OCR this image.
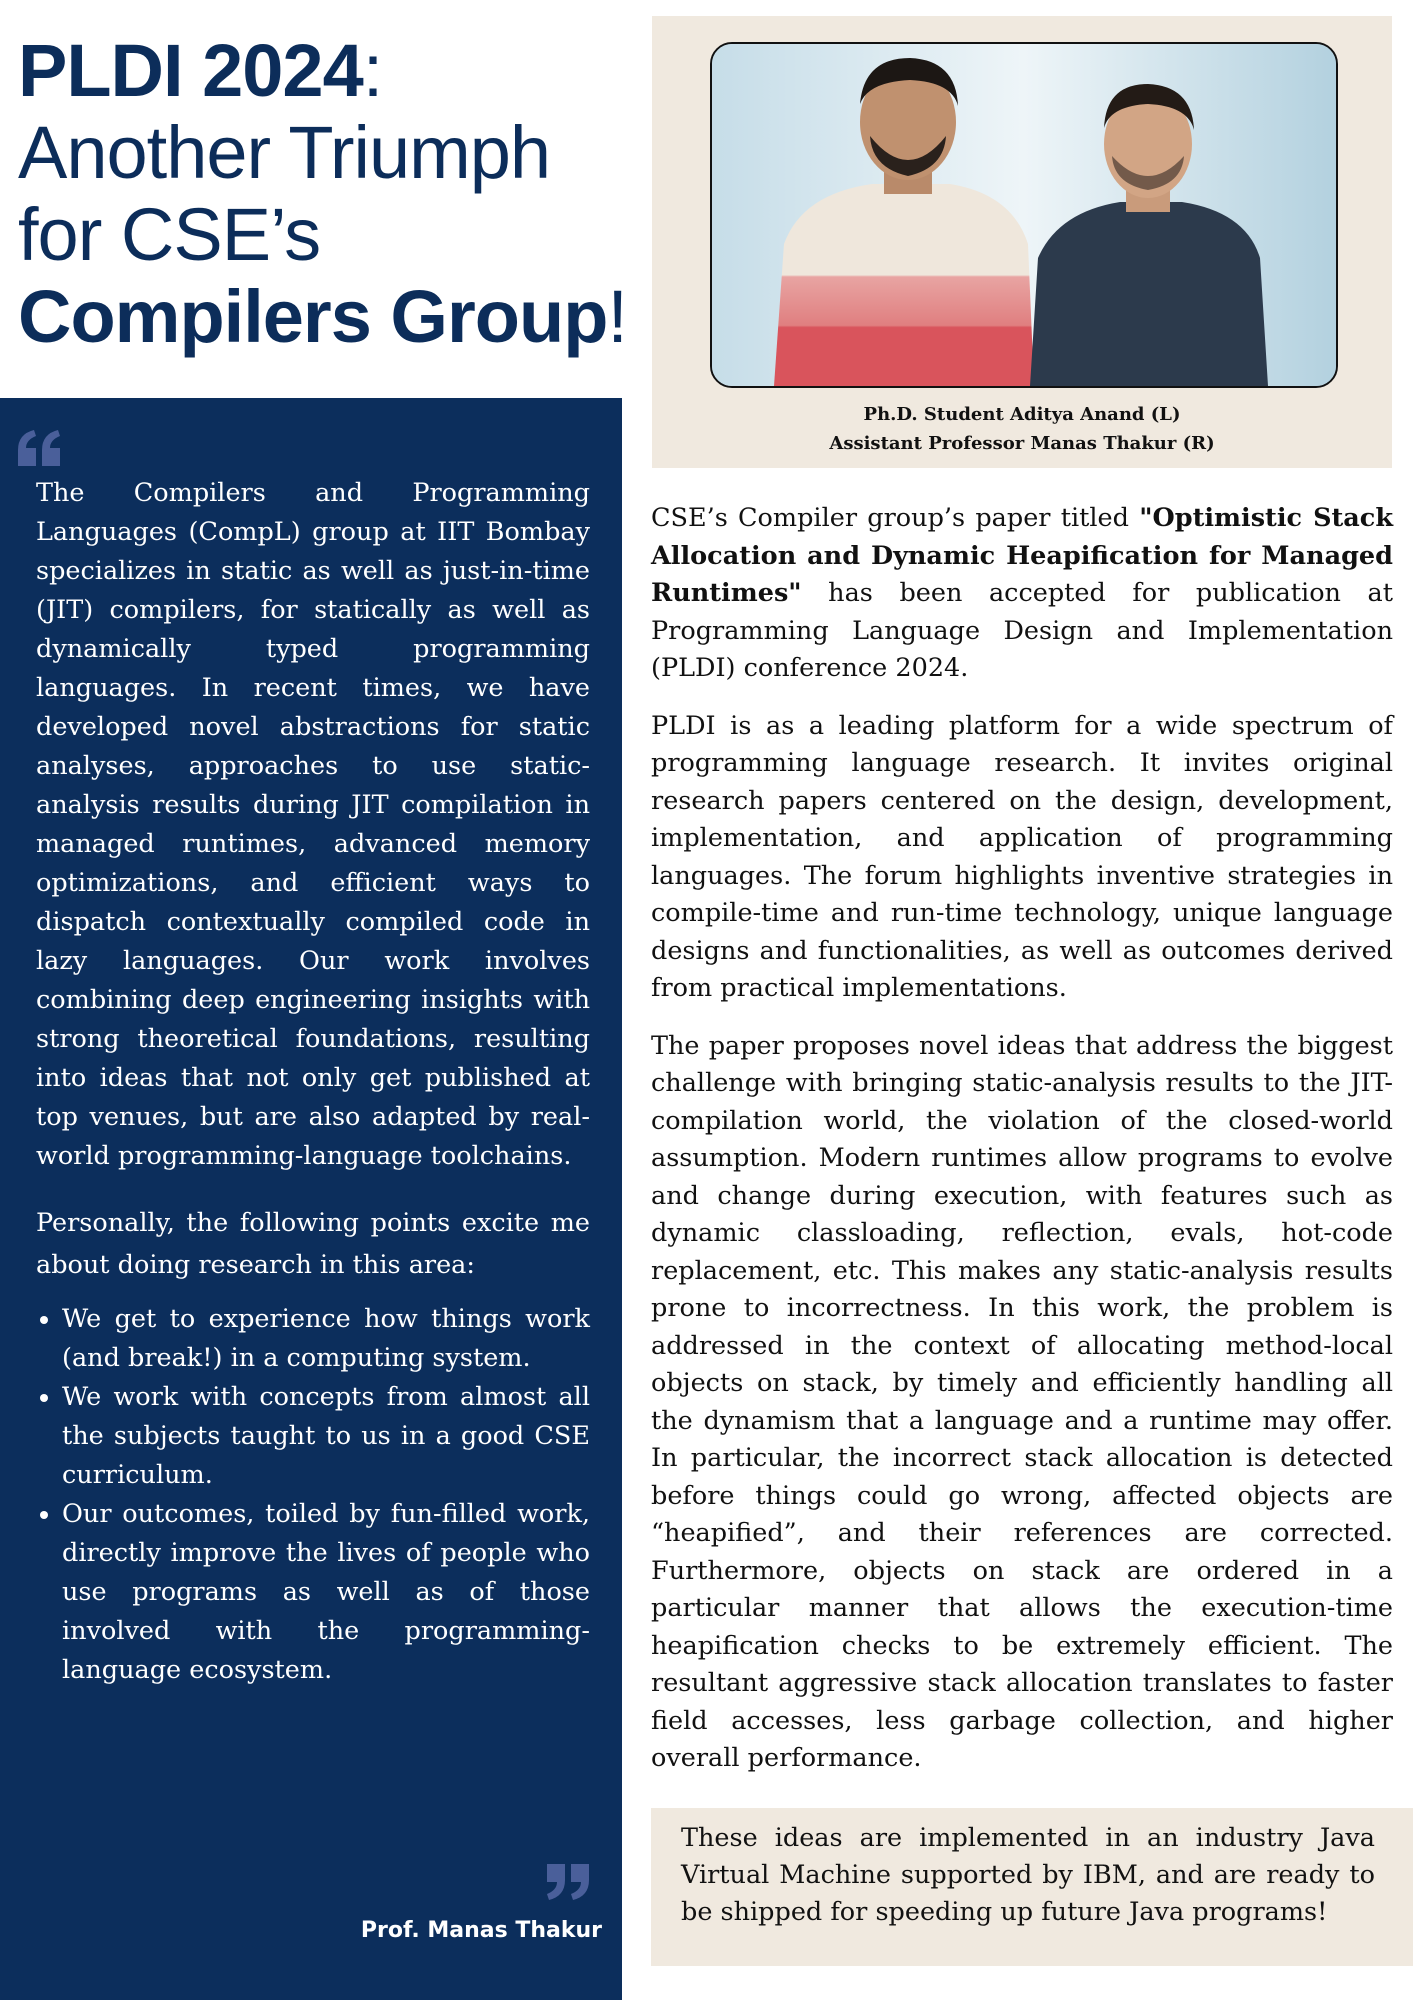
PLDI 2024:
Another Triumph
for CSE’s
Compilers Group!
Ph.D. Student Aditya Anand (L)
Assistant Professor Manas Thakur (R)

The Compilers and Programming Languages (CompL) group at IIT Bombay specializes in static as well as just-in-time (JIT) compilers, for statically as well as dynamically typed programming languages. In recent times, we have developed novel abstractions for static analyses, approaches to use static-analysis results during JIT compilation in managed runtimes, advanced memory optimizations, and efficient ways to dispatch contextually compiled code in lazy languages. Our work involves combining deep engineering insights with strong theoretical foundations, resulting into ideas that not only get published at top venues, but are also adapted by real-world programming-language toolchains.

Personally, the following points excite me about doing research in this area:

• We get to experience how things work (and break!) in a computing system.
• We work with concepts from almost all the subjects taught to us in a good CSE curriculum.
• Our outcomes, toiled by fun-filled work, directly improve the lives of people who use programs as well as of those involved with the programming-language ecosystem.
Prof. Manas Thakur

CSE’s Compiler group’s paper titled "Optimistic Stack Allocation and Dynamic Heapification for Managed Runtimes" has been accepted for publication at Programming Language Design and Implementation (PLDI) conference 2024.

PLDI is as a leading platform for a wide spectrum of programming language research. It invites original research papers centered on the design, development, implementation, and application of programming languages. The forum highlights inventive strategies in compile-time and run-time technology, unique language designs and functionalities, as well as outcomes derived from practical implementations.

The paper proposes novel ideas that address the biggest challenge with bringing static-analysis results to the JIT-compilation world, the violation of the closed-world assumption. Modern runtimes allow programs to evolve and change during execution, with features such as dynamic classloading, reflection, evals, hot-code replacement, etc. This makes any static-analysis results prone to incorrectness. In this work, the problem is addressed in the context of allocating method-local objects on stack, by timely and efficiently handling all the dynamism that a language and a runtime may offer. In particular, the incorrect stack allocation is detected before things could go wrong, affected objects are “heapified”, and their references are corrected. Furthermore, objects on stack are ordered in a particular manner that allows the execution-time heapification checks to be extremely efficient. The resultant aggressive stack allocation translates to faster field accesses, less garbage collection, and higher overall performance.

These ideas are implemented in an industry Java Virtual Machine supported by IBM, and are ready to be shipped for speeding up future Java programs!
